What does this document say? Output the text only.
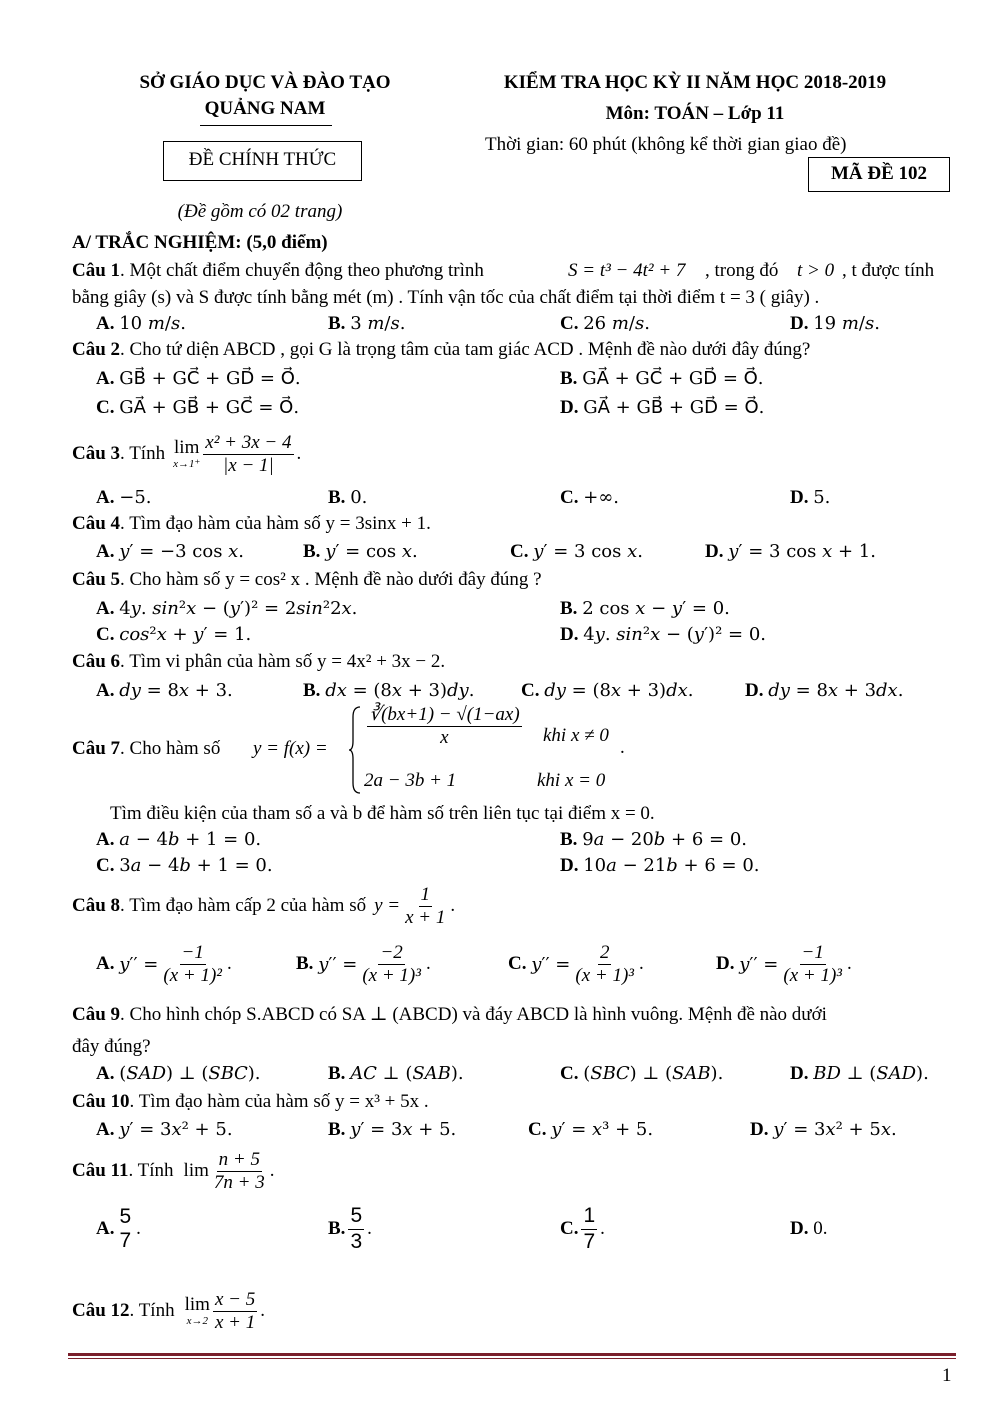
SỞ GIÁO DỤC VÀ ĐÀO TẠO
QUẢNG NAM
ĐỀ CHÍNH THỨC
(Đề gồm có 02 trang)
KIỂM TRA HỌC KỲ II NĂM HỌC 2018-2019
Môn: TOÁN – Lớp 11
Thời gian: 60 phút (không kể thời gian giao đề)
MÃ ĐỀ 102
A/ TRẮC NGHIỆM: (5,0 điểm)
Câu 1. Một chất điểm chuyển động theo phương trình	S = t³ − 4t² + 7 , trong đó t > 0 , t được tính
bằng giây (s) và S được tính bằng mét (m) . Tính vận tốc của chất điểm tại thời điểm t = 3 ( giây) .
A. 10 𝑚/𝑠.	B. 3 𝑚/𝑠.	C. 26 𝑚/𝑠.	D. 19 𝑚/𝑠.
Câu 2. Cho tứ diện ABCD , gọi G là trọng tâm của tam giác ACD . Mệnh đề nào dưới đây đúng?
A. GB⃗ + GC⃗ + GD⃗ = O⃗.	B. GA⃗ + GC⃗ + GD⃗ = O⃗.
C. GA⃗ + GB⃗ + GC⃗ = O⃗.	D. GA⃗ + GB⃗ + GD⃗ = O⃗.
Câu 3 . Tính lim
$x\to 1^+ \frac{\text{x² + 3x − 4}}{|x - 1|}$ .
A. −5.	B. 0.	C. +∞.	D. 5.
Câu 4. Tìm đạo hàm của hàm số y = 3sinx + 1.
A. 𝑦′ = −3 cos 𝑥.	B. 𝑦′ = cos 𝑥.	C. 𝑦′ = 3 cos 𝑥.	D. 𝑦′ = 3 cos 𝑥 + 1.
Câu 5. Cho hàm số y = cos² x . Mệnh đề nào dưới đây đúng ?
A. 4𝑦. 𝑠𝑖𝑛²𝑥 − (𝑦′)² = 2𝑠𝑖𝑛²2𝑥.	B. 2 cos 𝑥 − 𝑦′ = 0.
C. 𝑐𝑜𝑠²𝑥 + 𝑦′ = 1.	D. 4𝑦. 𝑠𝑖𝑛²𝑥 − (𝑦′)² = 0.
Câu 6. Tìm vi phân của hàm số y = 4x² + 3x − 2.
A. 𝑑𝑦 = 8𝑥 + 3.	B. 𝑑𝑥 = (8𝑥 + 3)𝑑𝑦. C. 𝑑𝑦 = (8𝑥 + 3)𝑑𝑥.	D. 𝑑𝑦 = 8𝑥 + 3𝑑𝑥.
Câu 7. Cho hàm số $y = f(x) = \frac{∛(bx+1) - √(1-ax)}{x}$ khi x ≠ 0
.
2a − 3b + 1	khi x = 0
Tìm điều kiện của tham số a và b để hàm số trên liên tục tại điểm x = 0.
A. 𝑎 − 4𝑏 + 1 = 0.	B. 9𝑎 − 20𝑏 + 6 = 0.
C. 3𝑎 − 4𝑏 + 1 = 0.	D. 10𝑎 − 21𝑏 + 6 = 0.
Câu 8 . Tìm đạo hàm cấp 2 của hàm số $y = \frac{1}{x + 1}$ .
A.
𝑦′′ = $\frac{-1}{\text{(x + 1)²}}$ .	B.
𝑦′′ = $\frac{-2}{\text{(x + 1)³}}$ .	C.
𝑦′′ = $\frac{2}{\text{(x + 1)³}}$ .	D.
𝑦′′ = $\frac{-1}{\text{(x + 1)³}}$ .
Câu 9. Cho hình chóp S.ABCD có SA ⊥ (ABCD) và đáy ABCD là hình vuông. Mệnh đề nào dưới
đây đúng?
A. (𝑆𝐴𝐷) ⊥ (𝑆𝐵𝐶).	B. 𝐴𝐶 ⊥ (𝑆𝐴𝐵).	C. (𝑆𝐵𝐶) ⊥ (𝑆𝐴𝐵).	D. 𝐵𝐷 ⊥ (𝑆𝐴𝐷).
Câu 10. Tìm đạo hàm của hàm số y = x³ + 5x .
A. 𝑦′ = 3𝑥² + 5.	B. 𝑦′ = 3𝑥 + 5.	C. 𝑦′ = 𝑥³ + 5.	D. 𝑦′ = 3𝑥² + 5𝑥.
Câu 11 . Tính $\lim \frac{n + 5}{7n + 3}$ .
A.
5
7
.	B. $\frac{5}{3}$ .	C. $\frac{1}{7}$ .	D. 0.
Câu 12 . Tính lim
$x\to 2 \frac{x - 5}{x + 1}$ .
1
